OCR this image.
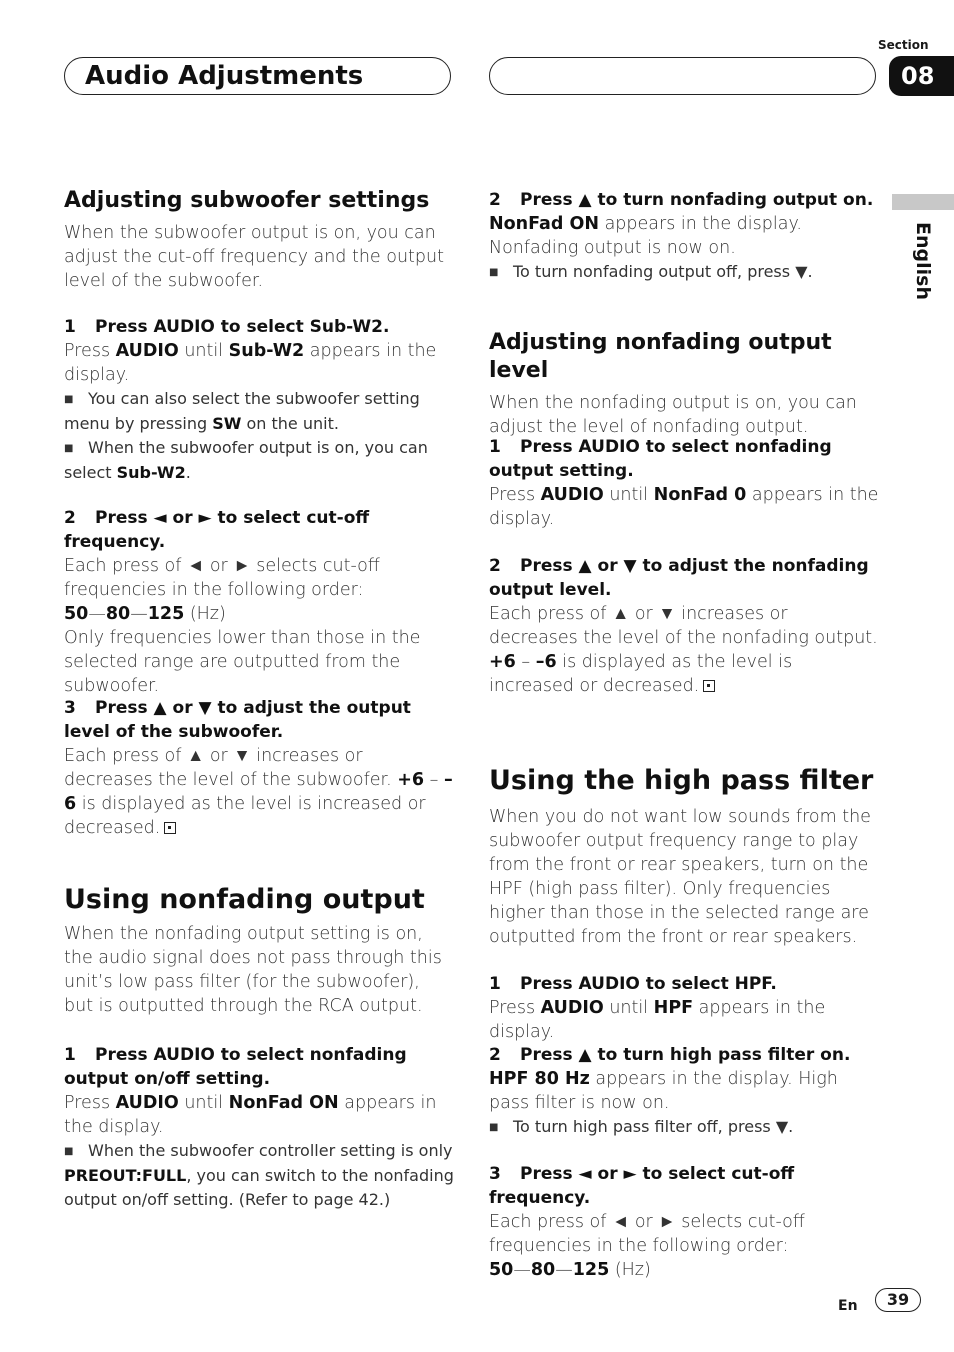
Audio Adjustments
Section
08
English
Adjusting subwoofer settings

When the subwoofer output is on, you can adjust the cut-off frequency and the output level of the subwoofer.

1 Press AUDIO to select Sub-W2.

Press AUDIO until Sub-W2 appears in the display.

■ You can also select the subwoofer setting menu by pressing SW on the unit.
■ When the subwoofer output is on, you can select Sub-W2.
2 Press ◄ or ► to select cut-off frequency.

Each press of ◄ or ► selects cut-off frequencies in the following order:

50—80—125 (Hz)

Only frequencies lower than those in the selected range are outputted from the subwoofer.

3 Press ▲ or ▼ to adjust the output level of the subwoofer.

Each press of ▲ or ▼ increases or decreases the level of the subwoofer. +6 – –6 is displayed as the level is increased or decreased.

Using nonfading output

When the nonfading output setting is on, the audio signal does not pass through this unit’s low pass filter (for the subwoofer), but is outputted through the RCA output.

1 Press AUDIO to select nonfading output on/off setting.

Press AUDIO until NonFad ON appears in the display.

■ When the subwoofer controller setting is only PREOUT:FULL, you can switch to the nonfading output on/off setting. (Refer to page 42.)
2 Press ▲ to turn nonfading output on.

NonFad ON appears in the display. Nonfading output is now on.

■ To turn nonfading output off, press ▼.
Adjusting nonfading output level

When the nonfading output is on, you can adjust the level of nonfading output.

1 Press AUDIO to select nonfading output setting.

Press AUDIO until NonFad 0 appears in the display.

2 Press ▲ or ▼ to adjust the nonfading output level.

Each press of ▲ or ▼ increases or decreases the level of the nonfading output. +6 – –6 is displayed as the level is increased or decreased.

Using the high pass filter

When you do not want low sounds from the subwoofer output frequency range to play from the front or rear speakers, turn on the HPF (high pass filter). Only frequencies higher than those in the selected range are outputted from the front or rear speakers.

1 Press AUDIO to select HPF.

Press AUDIO until HPF appears in the display.

2 Press ▲ to turn high pass filter on.

HPF 80 Hz appears in the display. High pass filter is now on.

■ To turn high pass filter off, press ▼.
3 Press ◄ or ► to select cut-off frequency.

Each press of ◄ or ► selects cut-off frequencies in the following order:

50—80—125 (Hz)

En	39
